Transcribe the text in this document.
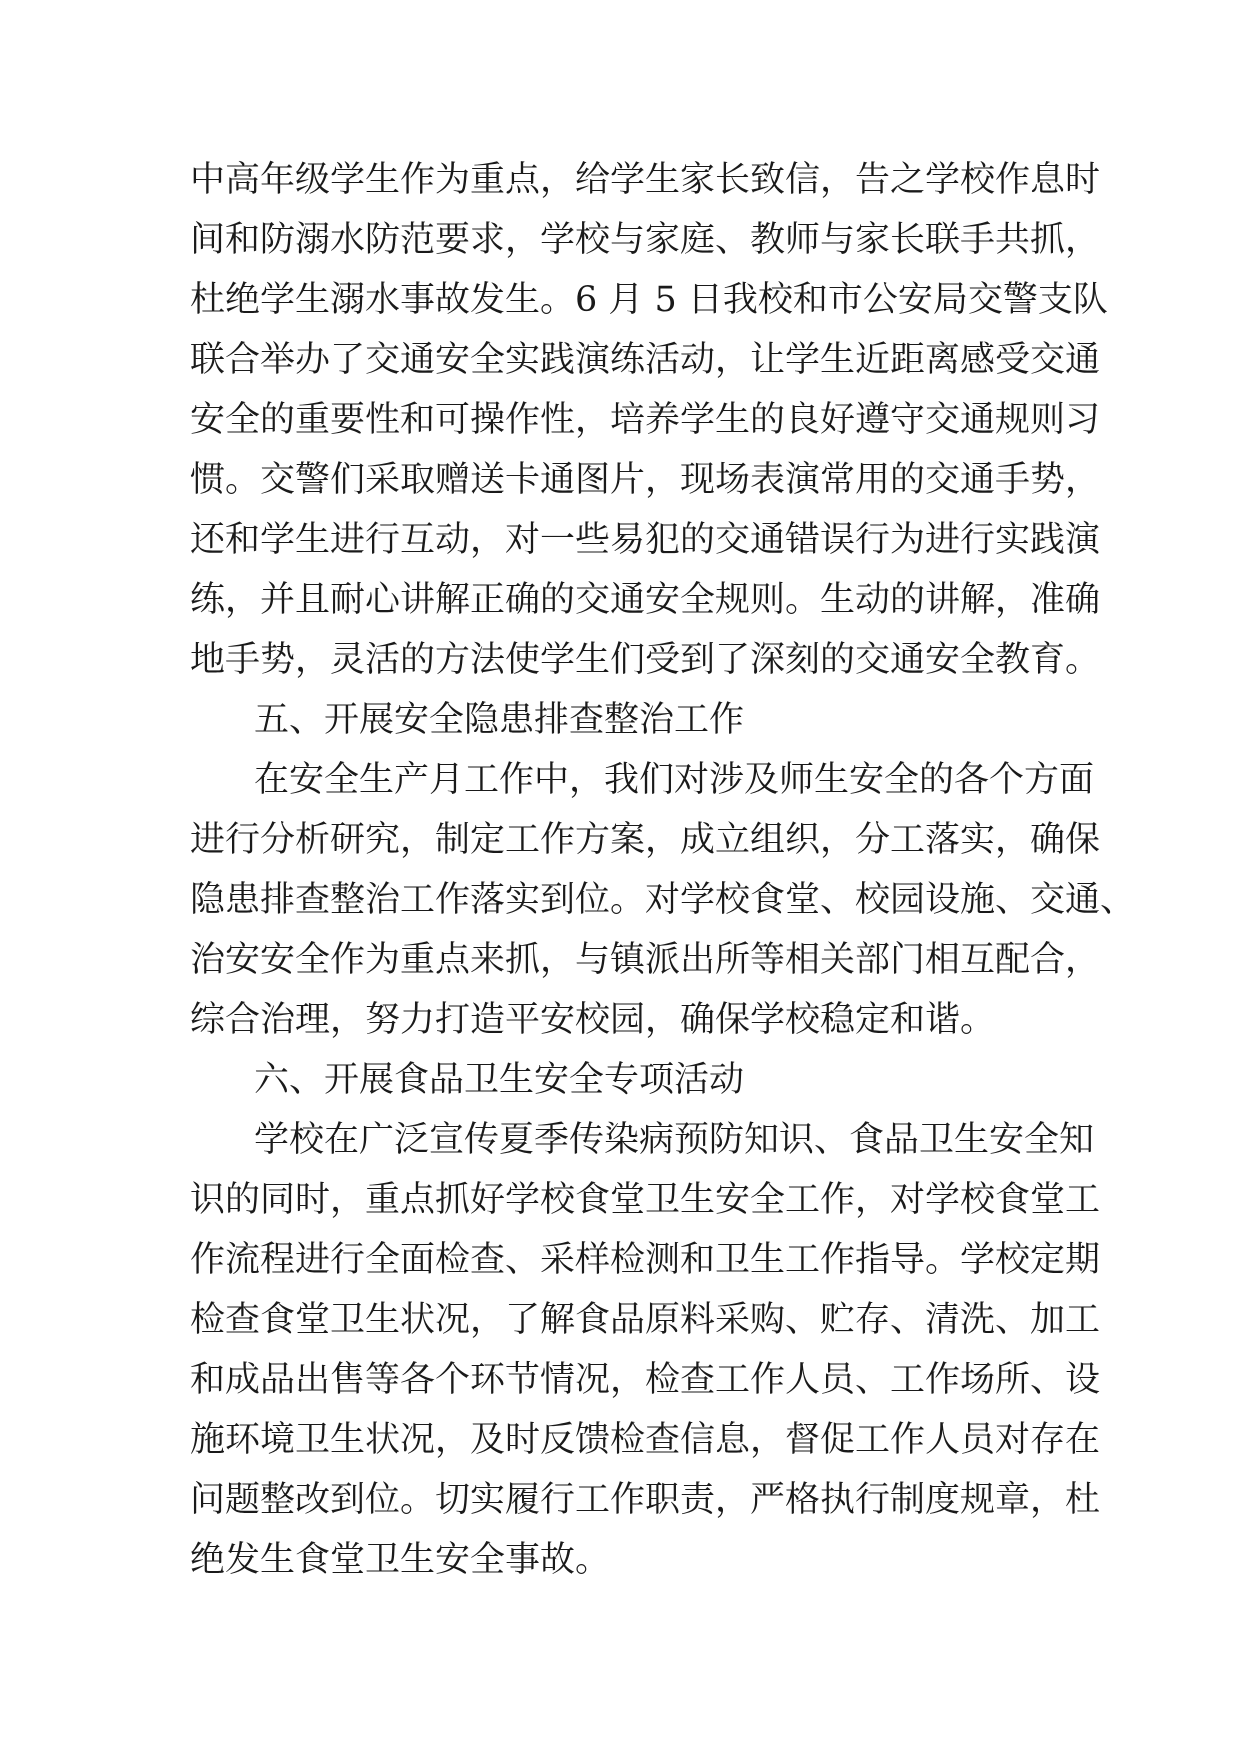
中高年级学生作为重点，给学生家长致信，告之学校作息时
间和防溺水防范要求，学校与家庭、教师与家长联手共抓，
杜绝学生溺水事故发生。6 月 5 日我校和市公安局交警支队
联合举办了交通安全实践演练活动，让学生近距离感受交通
安全的重要性和可操作性，培养学生的良好遵守交通规则习
惯。交警们采取赠送卡通图片，现场表演常用的交通手势，
还和学生进行互动，对一些易犯的交通错误行为进行实践演
练，并且耐心讲解正确的交通安全规则。生动的讲解，准确
地手势，灵活的方法使学生们受到了深刻的交通安全教育。
五、开展安全隐患排查整治工作
在安全生产月工作中，我们对涉及师生安全的各个方面
进行分析研究，制定工作方案，成立组织，分工落实，确保
隐患排查整治工作落实到位。对学校食堂、校园设施、交通、
治安安全作为重点来抓，与镇派出所等相关部门相互配合，
综合治理，努力打造平安校园，确保学校稳定和谐。
六、开展食品卫生安全专项活动
学校在广泛宣传夏季传染病预防知识、食品卫生安全知
识的同时，重点抓好学校食堂卫生安全工作，对学校食堂工
作流程进行全面检查、采样检测和卫生工作指导。学校定期
检查食堂卫生状况，了解食品原料采购、贮存、清洗、加工
和成品出售等各个环节情况，检查工作人员、工作场所、设
施环境卫生状况，及时反馈检查信息，督促工作人员对存在
问题整改到位。切实履行工作职责，严格执行制度规章，杜
绝发生食堂卫生安全事故。
